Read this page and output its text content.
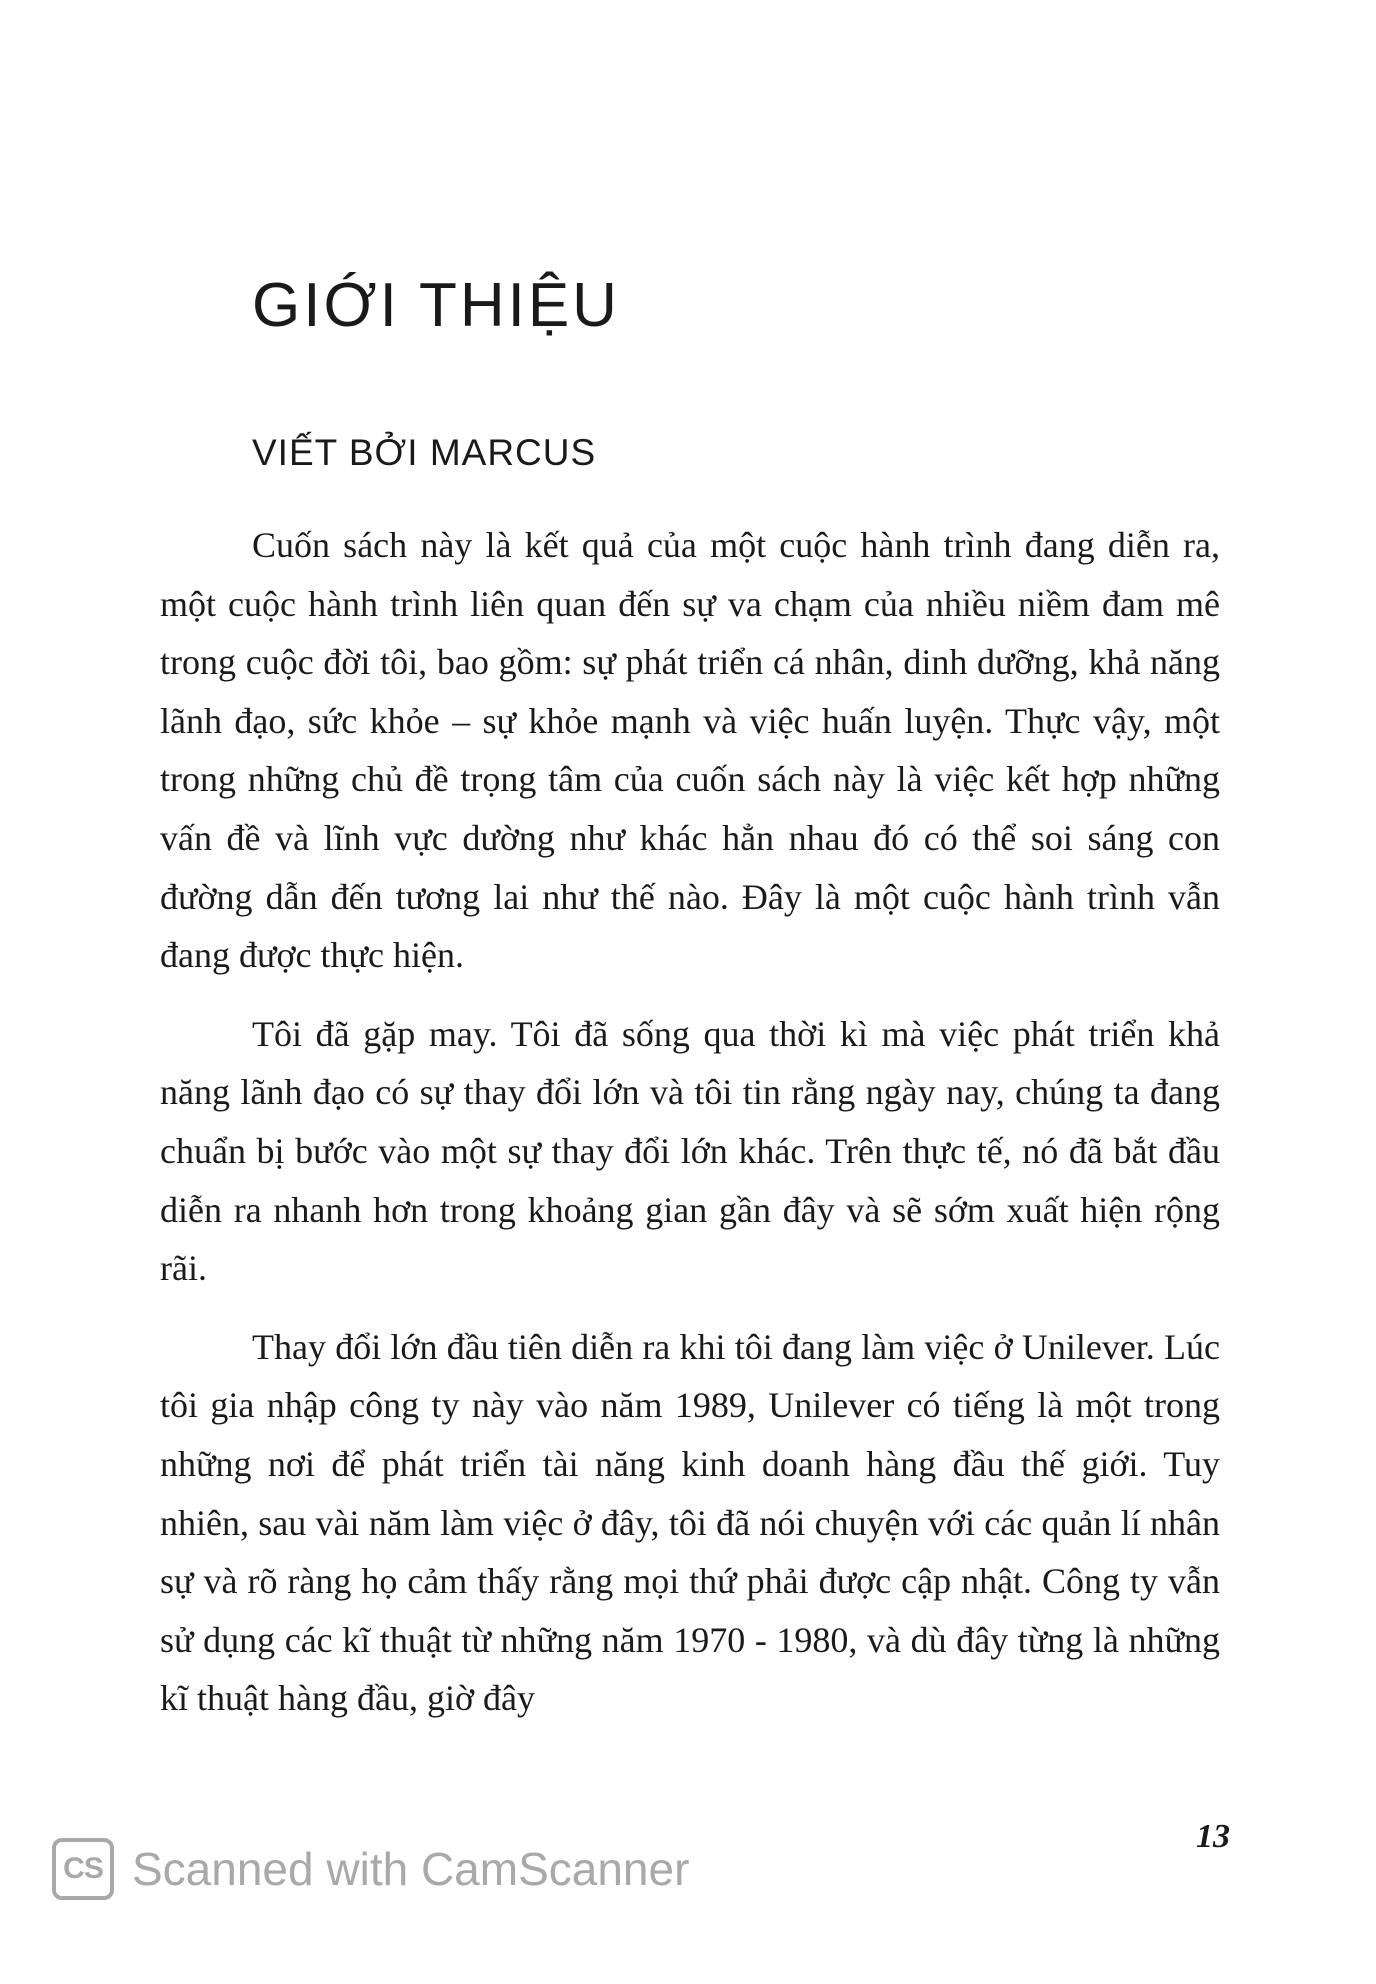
GIỚI THIỆU
VIẾT BỞI MARCUS

Cuốn sách này là kết quả của một cuộc hành trình đang diễn ra, một cuộc hành trình liên quan đến sự va chạm của nhiều niềm đam mê trong cuộc đời tôi, bao gồm: sự phát triển cá nhân, dinh dưỡng, khả năng lãnh đạo, sức khỏe – sự khỏe mạnh và việc huấn luyện. Thực vậy, một trong những chủ đề trọng tâm của cuốn sách này là việc kết hợp những vấn đề và lĩnh vực dường như khác hẳn nhau đó có thể soi sáng con đường dẫn đến tương lai như thế nào. Đây là một cuộc hành trình vẫn đang được thực hiện.

Tôi đã gặp may. Tôi đã sống qua thời kì mà việc phát triển khả năng lãnh đạo có sự thay đổi lớn và tôi tin rằng ngày nay, chúng ta đang chuẩn bị bước vào một sự thay đổi lớn khác. Trên thực tế, nó đã bắt đầu diễn ra nhanh hơn trong khoảng gian gần đây và sẽ sớm xuất hiện rộng rãi.

Thay đổi lớn đầu tiên diễn ra khi tôi đang làm việc ở Unilever. Lúc tôi gia nhập công ty này vào năm 1989, Unilever có tiếng là một trong những nơi để phát triển tài năng kinh doanh hàng đầu thế giới. Tuy nhiên, sau vài năm làm việc ở đây, tôi đã nói chuyện với các quản lí nhân sự và rõ ràng họ cảm thấy rằng mọi thứ phải được cập nhật. Công ty vẫn sử dụng các kĩ thuật từ những năm 1970 - 1980, và dù đây từng là những kĩ thuật hàng đầu, giờ đây

13

CS Scanned with CamScanner
